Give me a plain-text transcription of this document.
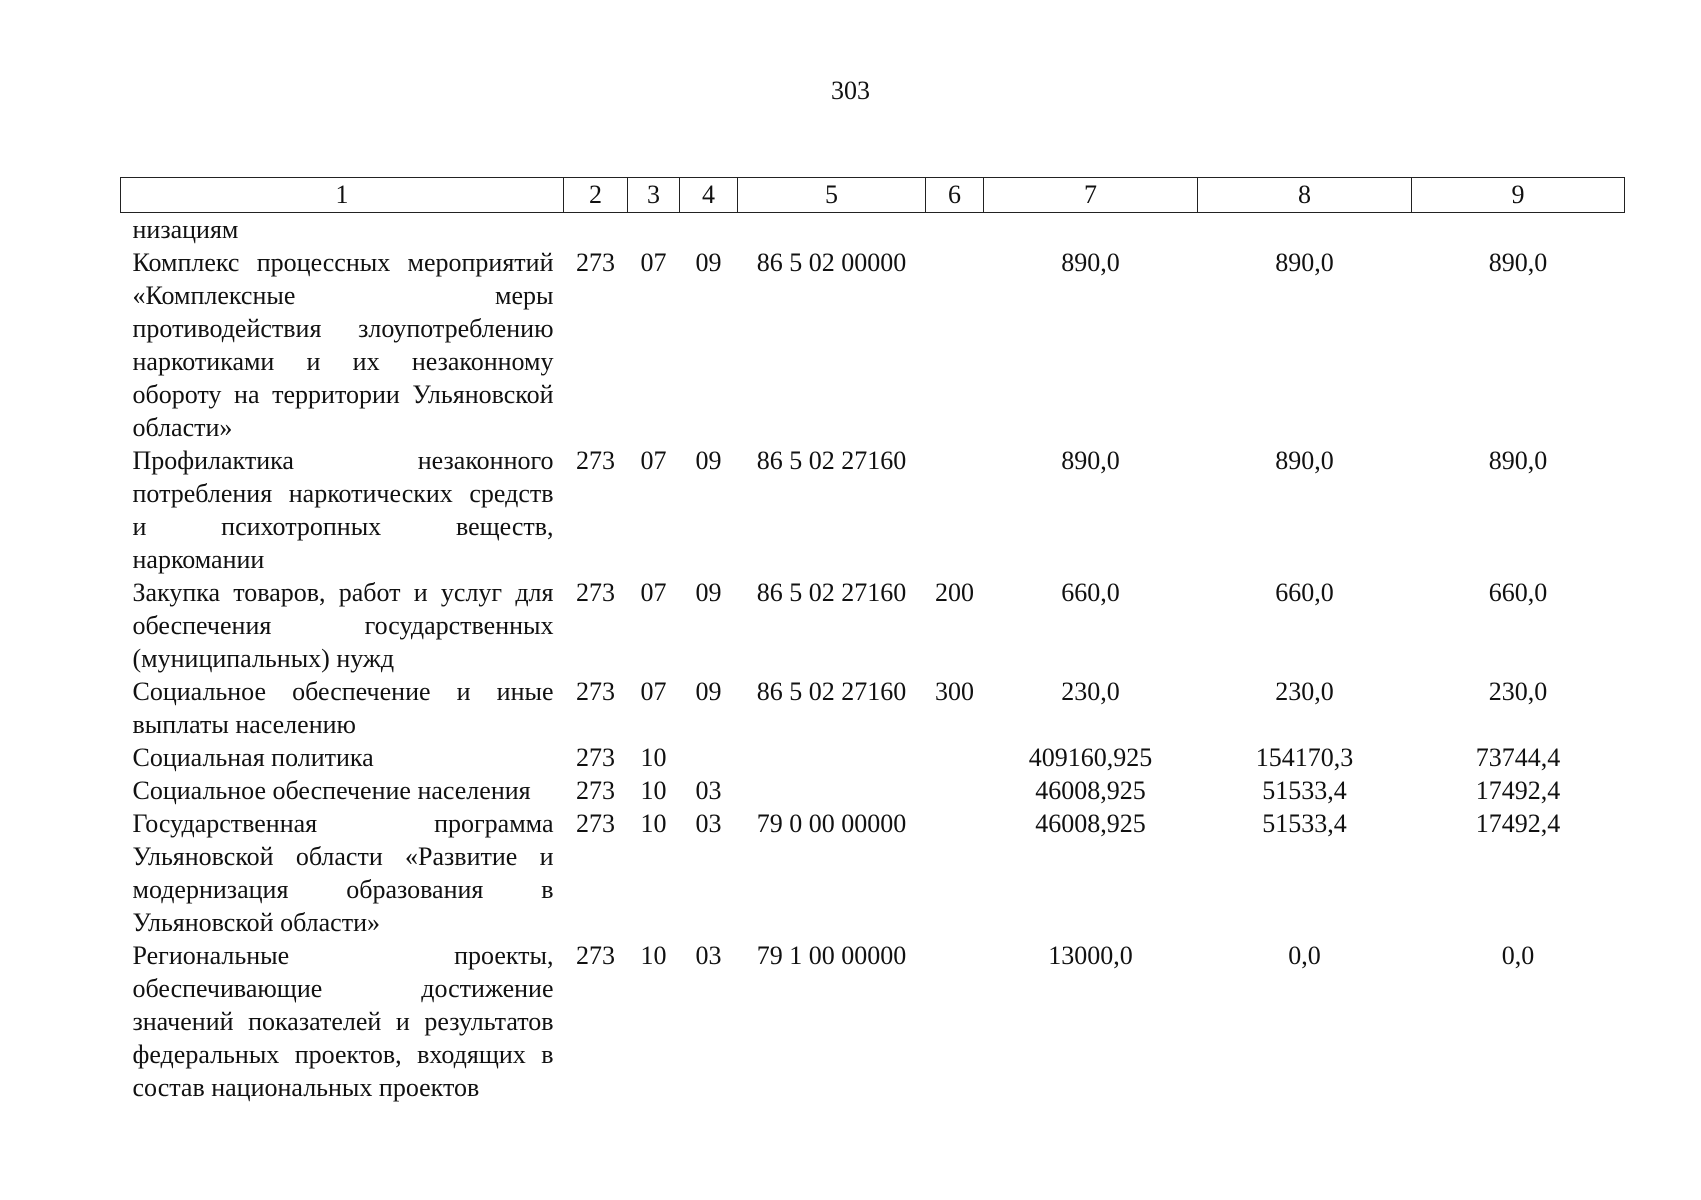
303
1	2	3	4	5	6	7	8	9
низациям								
Комплекс процессных мероприятий «Комплексные меры противодействия злоупотреблению наркотиками и их незаконному обороту на территории Ульяновской области»	273	07	09	86 5 02 00000		890,0	890,0	890,0
Профилактика незаконного потребления наркотических средств и психотропных веществ, наркомании	273	07	09	86 5 02 27160		890,0	890,0	890,0
Закупка товаров, работ и услуг для обеспечения государственных (муниципальных) нужд	273	07	09	86 5 02 27160	200	660,0	660,0	660,0
Социальное обеспечение и иные выплаты населению	273	07	09	86 5 02 27160	300	230,0	230,0	230,0
Социальная политика	273	10				409160,925	154170,3	73744,4
Социальное обеспечение населения	273	10	03			46008,925	51533,4	17492,4
Государственная программа Ульяновской области «Развитие и модернизация образования в Ульяновской области»	273	10	03	79 0 00 00000		46008,925	51533,4	17492,4
Региональные проекты, обеспечивающие достижение значений показателей и результатов федеральных проектов, входящих в состав национальных проектов	273	10	03	79 1 00 00000		13000,0	0,0	0,0
